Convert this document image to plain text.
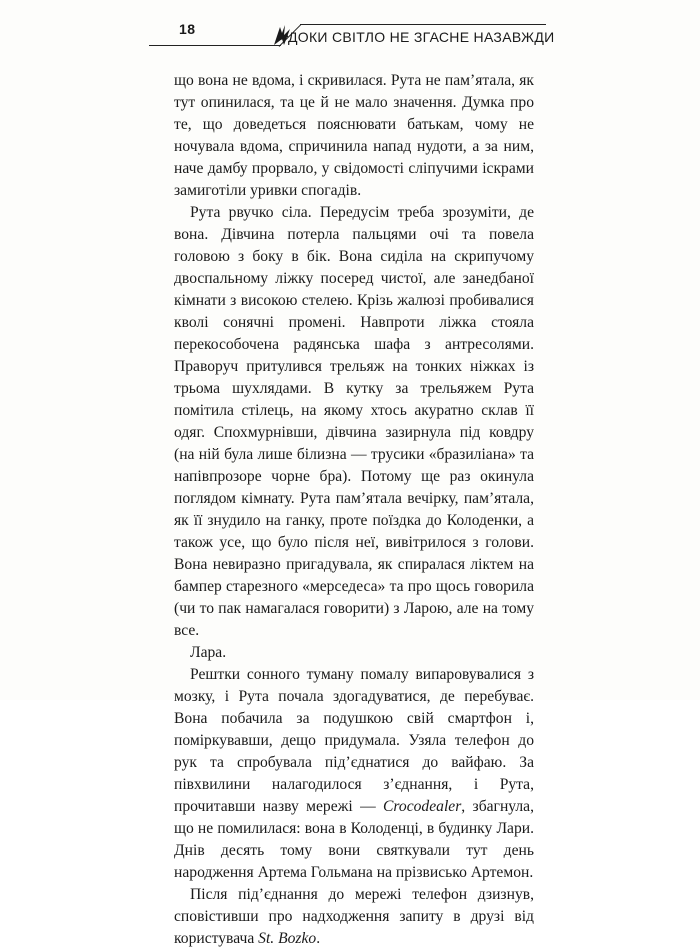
18	ДОКИ СВІТЛО НЕ ЗГАСНЕ НАЗАВЖДИ

що вона не вдома, і скривилася. Рута не пам’ятала, як тут опинилася, та це й не мало значення. Думка про те, що доведеться пояснювати батькам, чому не ночувала вдома, спричинила напад нудоти, а за ним, наче дамбу прорвало, у свідомості сліпучими іскрами замиготіли уривки спогадів.

Рута рвучко сіла. Передусім треба зрозуміти, де вона. Дівчина потерла пальцями очі та повела головою з боку в бік. Вона сиділа на скрипучому двоспальному ліжку посеред чистої, але занедбаної кімнати з високою стелею. Крізь жалюзі пробивалися кволі сонячні промені. Навпроти ліжка стояла перекособочена радянська шафа з антресолями. Праворуч притулився трельяж на тонких ніжках із трьома шухлядами. В кутку за трельяжем Рута помітила стілець, на якому хтось акуратно склав її одяг. Спохмурнівши, дівчина зазирнула під ковдру (на ній була лише білизна — трусики «бразиліана» та напівпрозоре чорне бра). Потому ще раз окинула поглядом кімнату. Рута пам’ятала вечірку, пам’ятала, як її знудило на ганку, проте поїздка до Колоденки, а також усе, що було після неї, вивітрилося з голови. Вона невиразно пригадувала, як спиралася ліктем на бампер старезного «мерседеса» та про щось говорила (чи то пак намагалася говорити) з Ларою, але на тому все.

Лара.

Рештки сонного туману помалу випаровувалися з мозку, і Рута почала здогадуватися, де перебуває. Вона побачила за подушкою свій смартфон і, поміркувавши, дещо придумала. Узяла телефон до рук та спробувала під’єднатися до вайфаю. За півхвилини налагодилося з’єднання, і Рута, прочитавши назву мережі — Crocodealer, збагнула, що не помилилася: вона в Колоденці, в будинку Лари. Днів десять тому вони святкували тут день народження Артема Гольмана на прізвисько Артемон.

Після під’єднання до мережі телефон дзизнув, сповістивши про надходження запиту в друзі від користувача St. Bozko.
